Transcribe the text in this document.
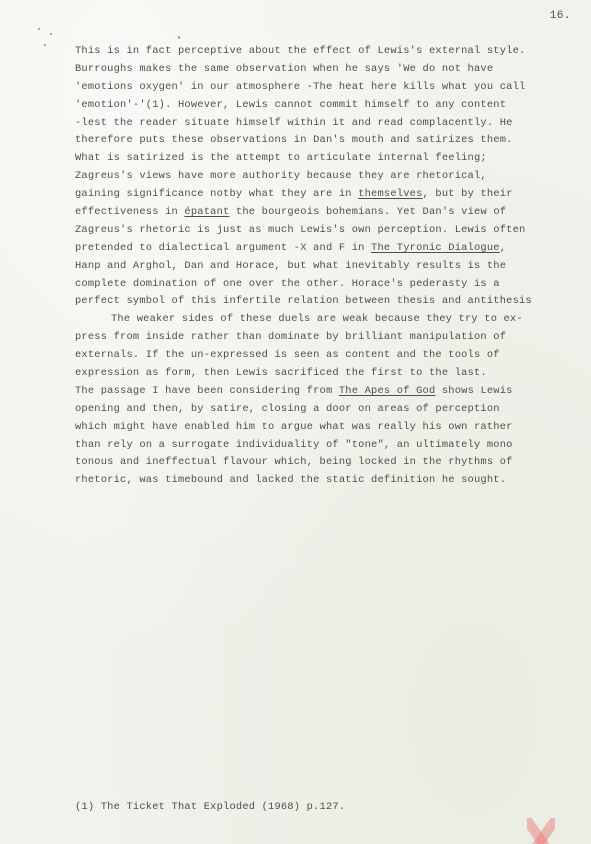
16.
This is in fact perceptive about the effect of Lewis's external style.
Burroughs makes the same observation when he says 'We do not have
'emotions oxygen' in our atmosphere -The heat here kills what you call
'emotion'-'(1). However, Lewis cannot commit himself to any content
-lest the reader situate himself within it and read complacently. He
therefore puts these observations in Dan's mouth and satirizes them.
What is satirized is the attempt to articulate internal feeling;
Zagreus's views have more authority because they are rhetorical,
gaining significance notby what they are in themselves, but by their
effectiveness in épatant the bourgeois bohemians. Yet Dan's view of
Zagreus's rhetoric is just as much Lewis's own perception. Lewis often
pretended to dialectical argument -X and F in The Tyronic Dialogue,
Hanp and Arghol, Dan and Horace, but what inevitably results is the
complete domination of one over the other. Horace's pederasty is a
perfect symbol of this infertile relation between thesis and antithesis
The weaker sides of these duels are weak because they try to ex-
press from inside rather than dominate by brilliant manipulation of
externals. If the un-expressed is seen as content and the tools of
expression as form, then Lewis sacrificed the first to the last.
The passage I have been considering from The Apes of God shows Lewis
opening and then, by satire, closing a door on areas of perception
which might have enabled him to argue what was really his own rather
than rely on a surrogate individuality of "tone", an ultimately mono
tonous and ineffectual flavour which, being locked in the rhythms of
rhetoric, was timebound and lacked the static definition he sought.
(1) The Ticket That Exploded (1968) p.127.
